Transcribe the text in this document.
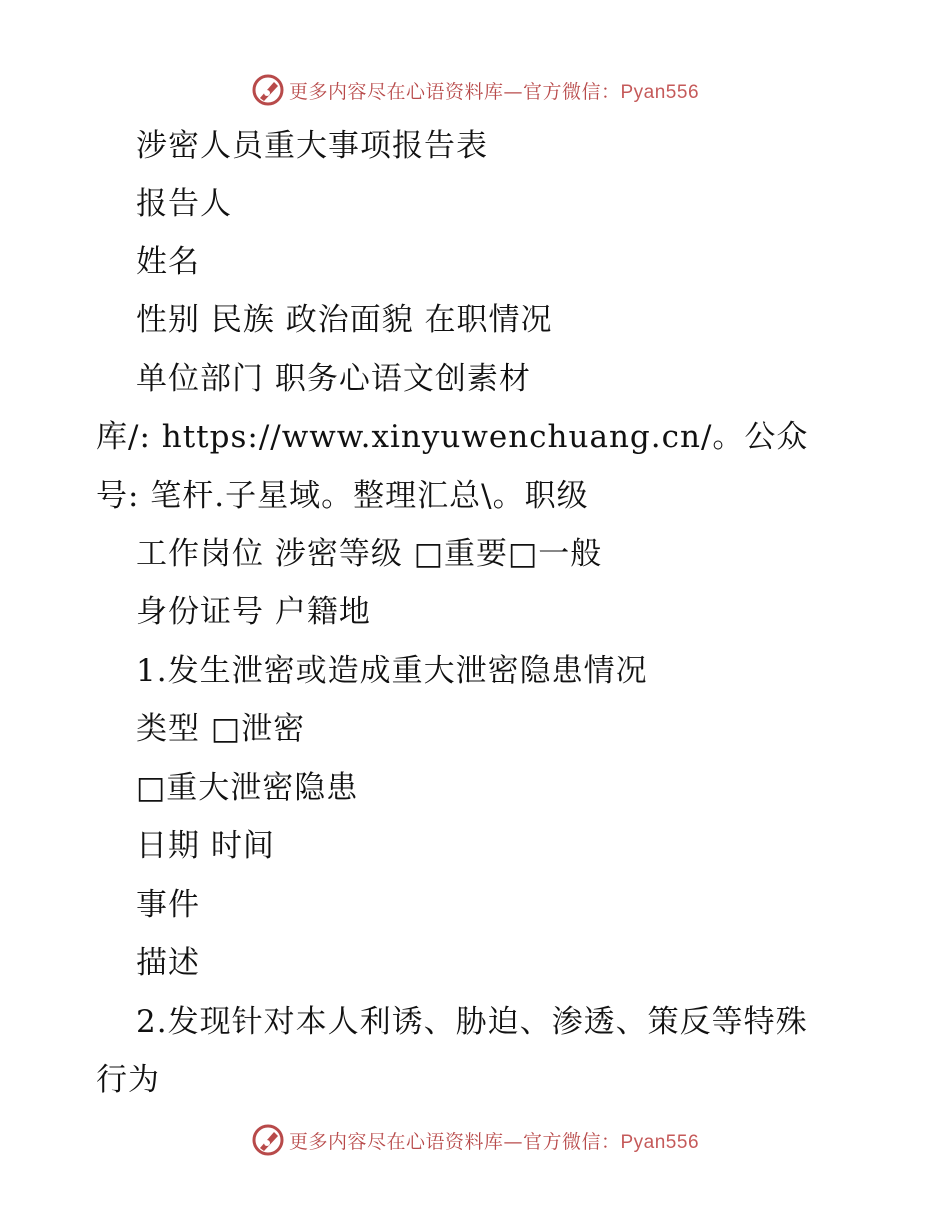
更多内容尽在心语资料库—官方微信：Pyan556
涉密人员重大事项报告表
报告人
姓名
性别 民族 政治面貌 在职情况
单位部门 职务心语文创素材
库/: https://www.xinyuwenchuang.cn/。公众
号: 笔杆.子星域。整理汇总\。职级
工作岗位 涉密等级 □重要□一般
身份证号 户籍地
1.发生泄密或造成重大泄密隐患情况
类型 □泄密
□重大泄密隐患
日期 时间
事件
描述
2.发现针对本人利诱、胁迫、渗透、策反等特殊
行为
更多内容尽在心语资料库—官方微信：Pyan556
